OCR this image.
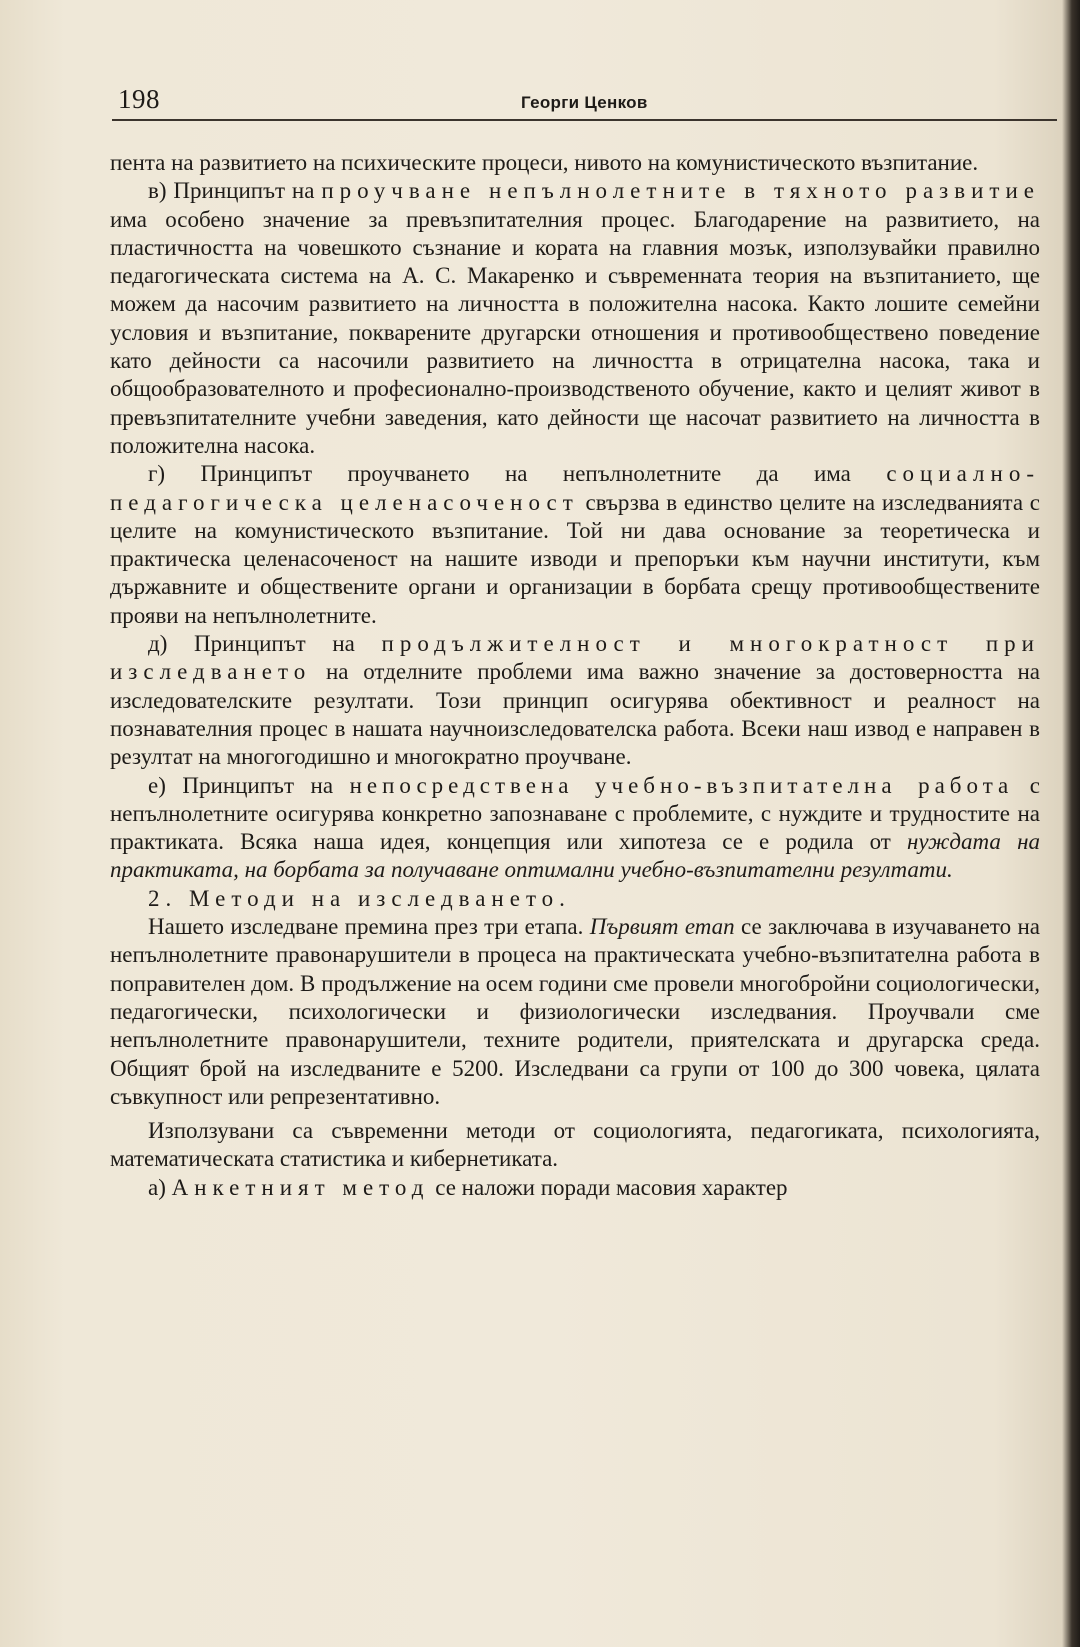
198	Георги Ценков

пента на развитието на психическите процеси, нивото на комунистическото възпитание.

в) Принципът на проучване непълнолетните в тяхното развитие има особено значение за превъзпитателния процес. Благодарение на развитието, на пластичността на човешкото съзнание и кората на главния мозък, използувайки правилно педагогическата система на А. С. Макаренко и съвременната теория на възпитанието, ще можем да насочим развитието на личността в положителна насока. Както лошите семейни условия и възпитание, покварените другарски отношения и противообществено поведение като дейности са насочили развитието на личността в отрицателна насока, така и общообразователното и професионално-производственото обучение, както и целият живот в превъзпитателните учебни заведения, като дейности ще насочат развитието на личността в положителна насока.

г) Принципът проучването на непълнолетните да има социално-педагогическа целенасоченост свързва в единство целите на изследванията с целите на комунистическото възпитание. Той ни дава основание за теоретическа и практическа целенасоченост на нашите изводи и препоръки към научни институти, към държавните и обществените органи и организации в борбата срещу противообществените прояви на непълнолетните.

д) Принципът на продължителност и многократност при изследването на отделните проблеми има важно значение за достоверността на изследователските резултати. Този принцип осигурява обективност и реалност на познавателния процес в нашата научноизследователска работа. Всеки наш извод е направен в резултат на многогодишно и многократно проучване.

е) Принципът на непосредствена учебно-възпитателна работа с непълнолетните осигурява конкретно запознаване с проблемите, с нуждите и трудностите на практиката. Всяка наша идея, концепция или хипотеза се е родила от нуждата на практиката, на борбата за получаване оптимални учебно-възпитателни резултати.

2. Методи на изследването.

Нашето изследване премина през три етапа. Първият етап се заключава в изучаването на непълнолетните правонарушители в процеса на практическата учебно-възпитателна работа в поправителен дом. В продължение на осем години сме провели многобройни социологически, педагогически, психологически и физиологически изследвания. Проучвали сме непълнолетните правонарушители, техните родители, приятелската и другарска среда. Общият брой на изследваните е 5200. Изследвани са групи от 100 до 300 човека, цялата съвкупност или репрезентативно.

Използувани са съвременни методи от социологията, педагогиката, психологията, математическата статистика и кибернетиката.

а) Анкетният метод се наложи поради масовия характер
